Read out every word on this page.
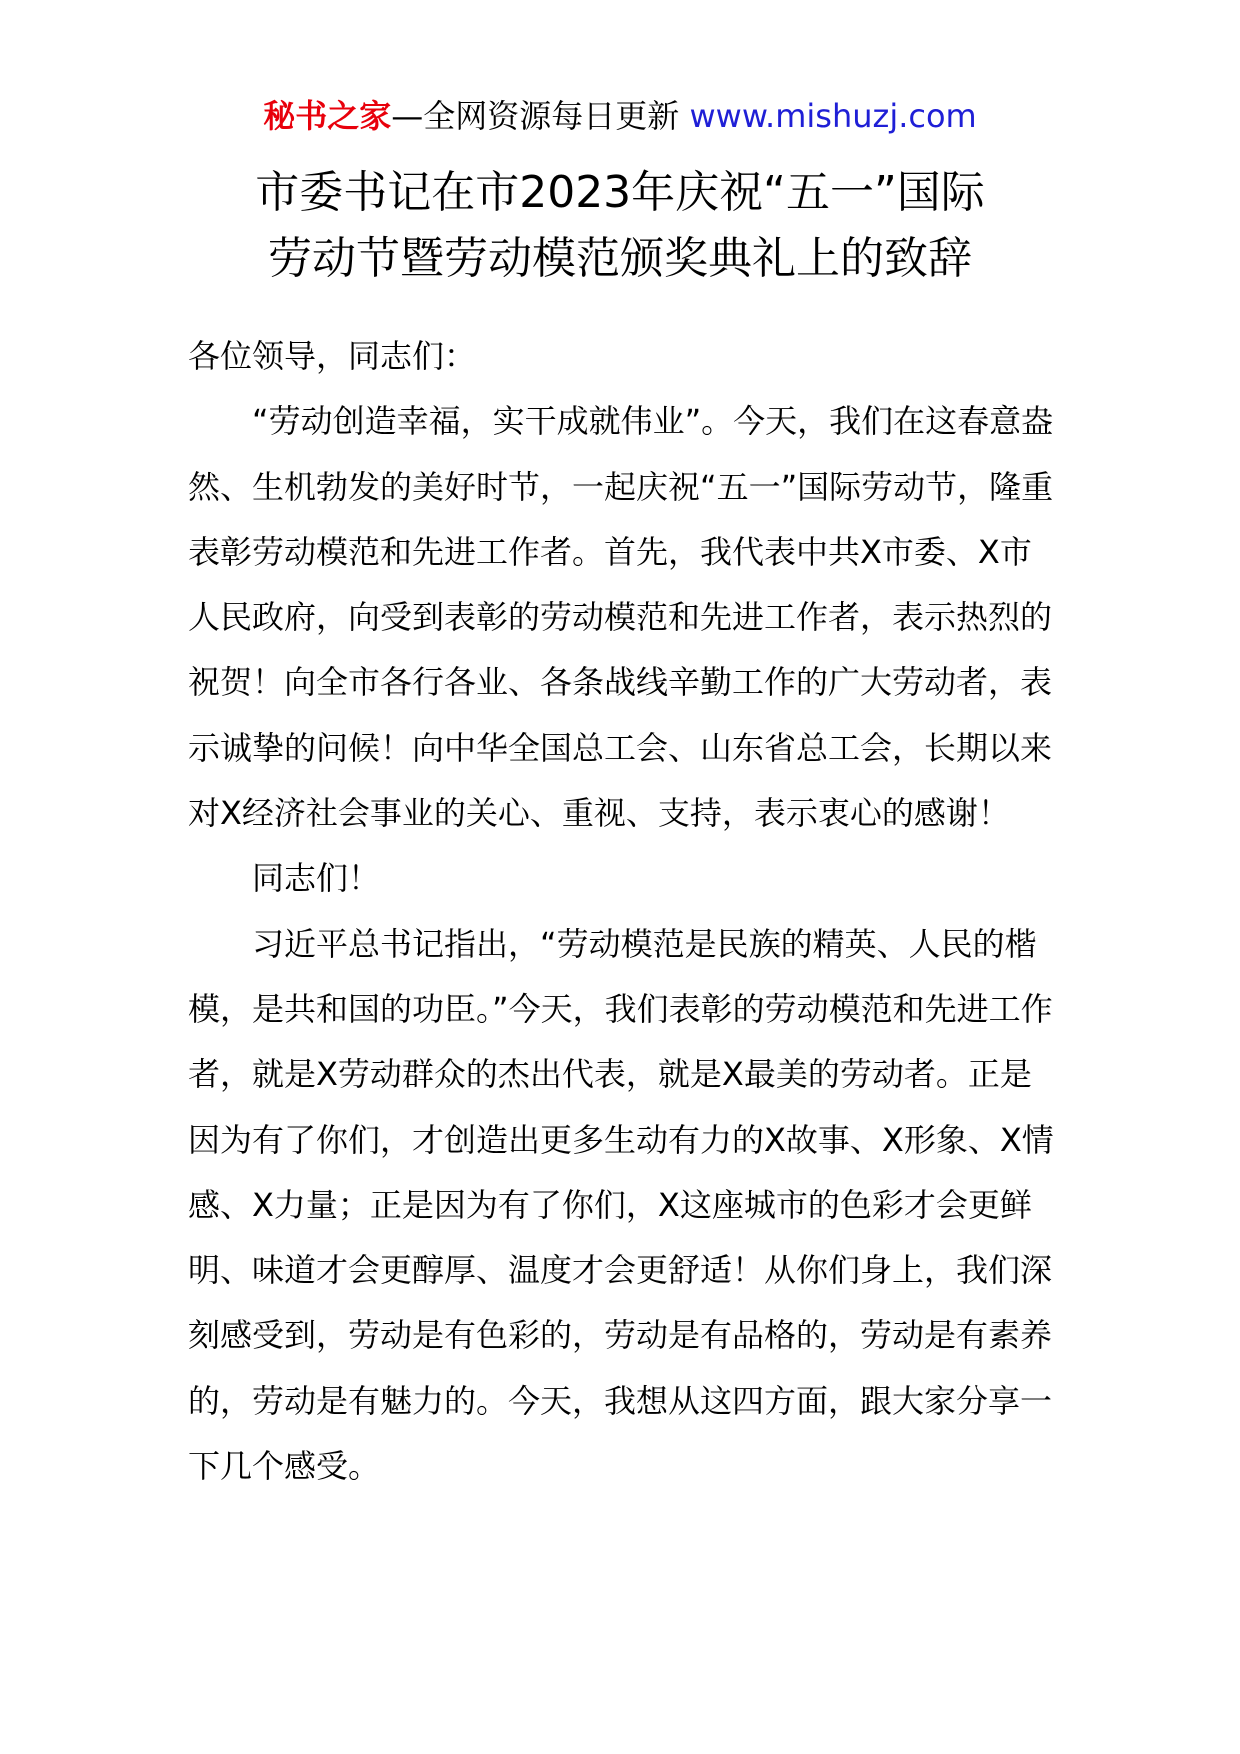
秘书之家—全网资源每日更新 www.mishuzj.com
市委书记在市2023年庆祝“五一”国际
劳动节暨劳动模范颁奖典礼上的致辞

各位领导，同志们：

“劳动创造幸福，实干成就伟业”。今天，我们在这春意盎然、生机勃发的美好时节，一起庆祝“五一”国际劳动节，隆重表彰劳动模范和先进工作者。首先，我代表中共X市委、X市人民政府，向受到表彰的劳动模范和先进工作者，表示热烈的祝贺！向全市各行各业、各条战线辛勤工作的广大劳动者，表示诚挚的问候！向中华全国总工会、山东省总工会，长期以来对X经济社会事业的关心、重视、支持，表示衷心的感谢！

同志们！

习近平总书记指出，“劳动模范是民族的精英、人民的楷模，是共和国的功臣。”今天，我们表彰的劳动模范和先进工作者，就是X劳动群众的杰出代表，就是X最美的劳动者。正是因为有了你们，才创造出更多生动有力的X故事、X形象、X情感、X力量；正是因为有了你们，X这座城市的色彩才会更鲜明、味道才会更醇厚、温度才会更舒适！从你们身上，我们深刻感受到，劳动是有色彩的，劳动是有品格的，劳动是有素养的，劳动是有魅力的。今天，我想从这四方面，跟大家分享一下几个感受。
